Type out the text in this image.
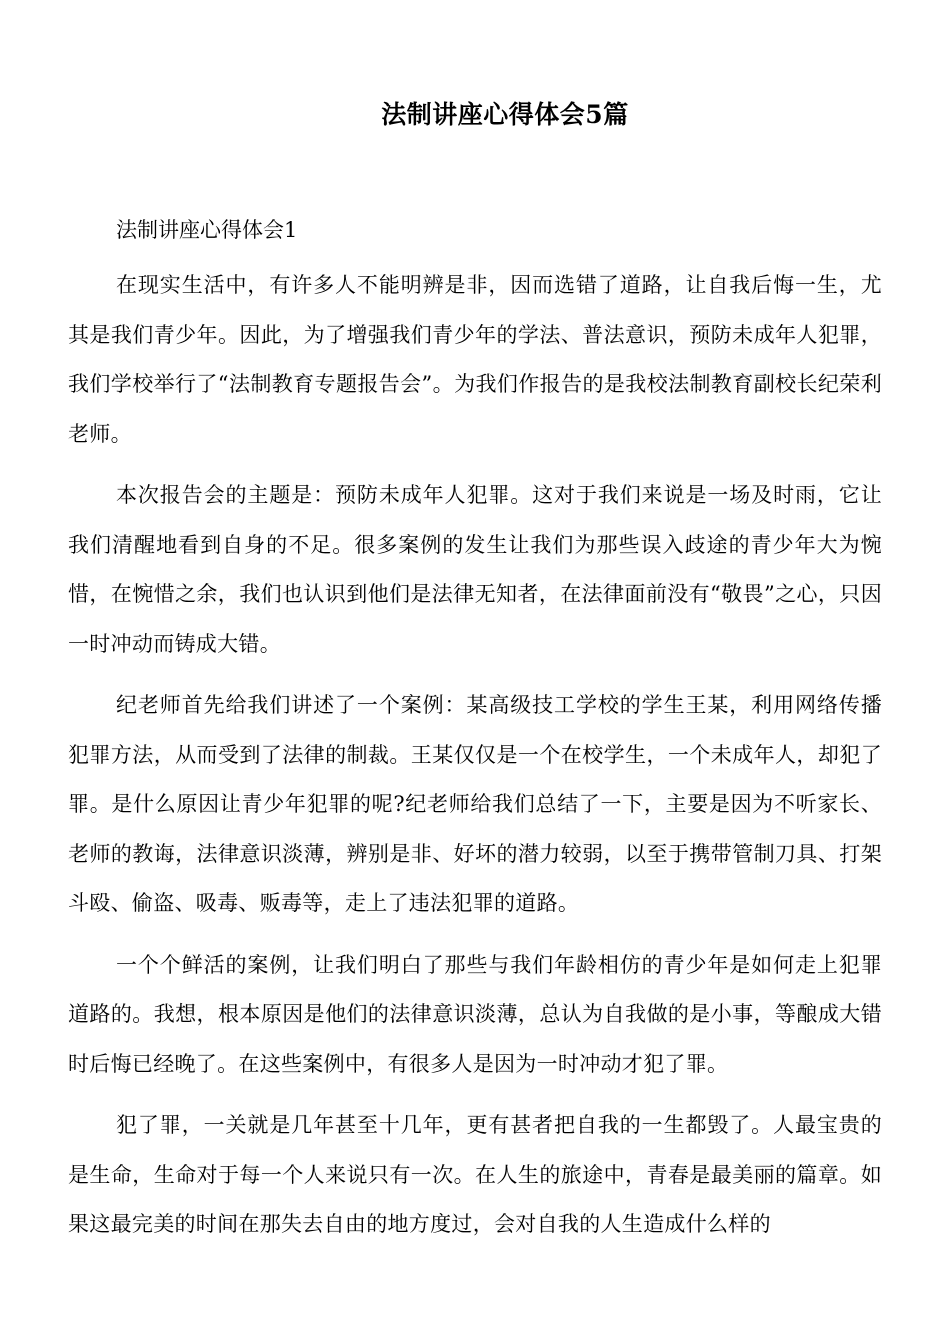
法制讲座心得体会5篇
法制讲座心得体会1

在现实生活中，有许多人不能明辨是非，因而选错了道路，让自我后悔一生，尤其是我们青少年。因此，为了增强我们青少年的学法、普法意识，预防未成年人犯罪，我们学校举行了“法制教育专题报告会”。为我们作报告的是我校法制教育副校长纪荣利老师。

本次报告会的主题是：预防未成年人犯罪。这对于我们来说是一场及时雨，它让我们清醒地看到自身的不足。很多案例的发生让我们为那些误入歧途的青少年大为惋惜，在惋惜之余，我们也认识到他们是法律无知者，在法律面前没有“敬畏”之心，只因一时冲动而铸成大错。

纪老师首先给我们讲述了一个案例：某高级技工学校的学生王某，利用网络传播犯罪方法，从而受到了法律的制裁。王某仅仅是一个在校学生，一个未成年人，却犯了罪。是什么原因让青少年犯罪的呢?纪老师给我们总结了一下，主要是因为不听家长、老师的教诲，法律意识淡薄，辨别是非、好坏的潜力较弱，以至于携带管制刀具、打架斗殴、偷盗、吸毒、贩毒等，走上了违法犯罪的道路。

一个个鲜活的案例，让我们明白了那些与我们年龄相仿的青少年是如何走上犯罪道路的。我想，根本原因是他们的法律意识淡薄，总认为自我做的是小事，等酿成大错时后悔已经晚了。在这些案例中，有很多人是因为一时冲动才犯了罪。

犯了罪，一关就是几年甚至十几年，更有甚者把自我的一生都毁了。人最宝贵的是生命，生命对于每一个人来说只有一次。在人生的旅途中，青春是最美丽的篇章。如果这最完美的时间在那失去自由的地方度过，会对自我的人生造成什么样的
